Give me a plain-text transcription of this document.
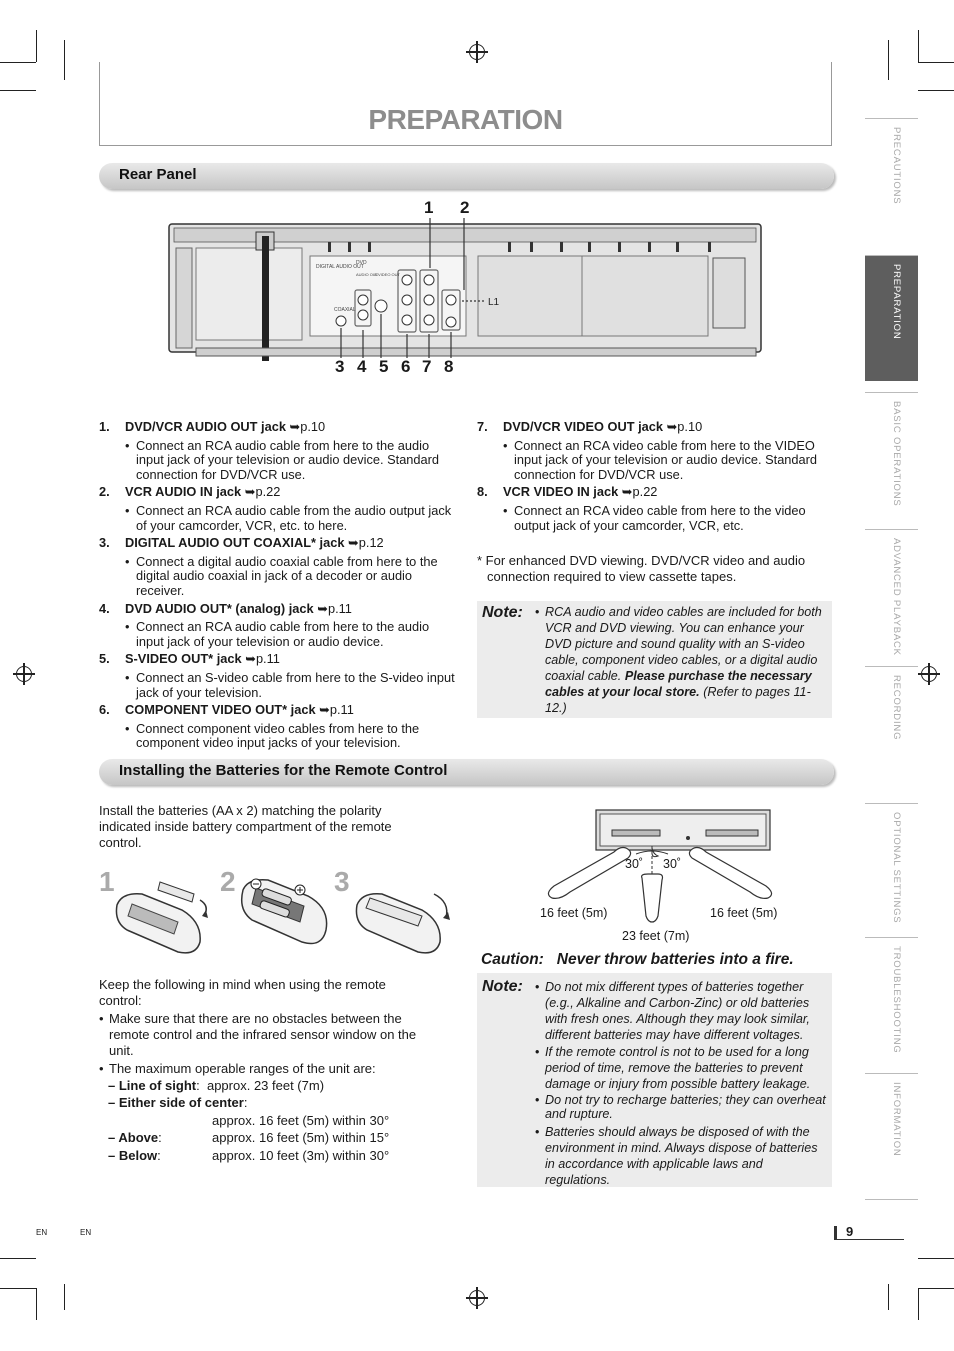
PREPARATION
PRECAUTIONS
PREPARATION
BASIC OPERATIONS
ADVANCED PLAYBACK
RECORDING
OPTIONAL SETTINGS
TROUBLESHOOTING
INFORMATION
Rear Panel
1 2
3 4 5 6 7 8
DIGITAL AUDIO OUT
DVD
COAXIAL
AUDIO OUT
S-VIDEO OUT
L1
1.	DVD/VCR AUDIO OUT jack ➥p.10
• Connect an RCA audio cable from here to the audio input jack of your television or audio device. Standard connection for DVD/VCR use.
2.	VCR AUDIO IN jack ➥p.22
• Connect an RCA audio cable from the audio output jack of your camcorder, VCR, etc. to here.
3.	DIGITAL AUDIO OUT COAXIAL* jack ➥p.12
• Connect a digital audio coaxial cable from here to the digital audio coaxial in jack of a decoder or audio receiver.
4.	DVD AUDIO OUT* (analog) jack ➥p.11
• Connect an RCA audio cable from here to the audio input jack of your television or audio device.
5.	S-VIDEO OUT* jack ➥p.11
• Connect an S-video cable from here to the S-video input jack of your television.
6.	COMPONENT VIDEO OUT* jack ➥p.11
• Connect component video cables from here to the component video input jacks of your television.
7.	DVD/VCR VIDEO OUT jack ➥p.10
• Connect an RCA video cable from here to the VIDEO input jack of your television or audio device. Standard connection for DVD/VCR use.
8.	VCR VIDEO IN jack ➥p.22
• Connect an RCA video cable from here to the video output jack of your camcorder, VCR, etc.
* For enhanced DVD viewing. DVD/VCR video and audio connection required to view cassette tapes.
Note: • RCA audio and video cables are included for both VCR and DVD viewing. You can enhance your DVD picture and sound quality with an S-video cable, component video cables, or a digital audio coaxial cable. Please purchase the necessary cables at your local store. (Refer to pages 11-12.)
Installing the Batteries for the Remote Control
Install the batteries (AA x 2) matching the polarity indicated inside battery compartment of the remote control.
1	2	3
Keep the following in mind when using the remote control:
• Make sure that there are no obstacles between the remote control and the infrared sensor window on the unit.
• The maximum operable ranges of the unit are:
– Line of sight:  approx. 23 feet (7m)
– Either side of center:
approx. 16 feet (5m) within 30°
– Above:	approx. 16 feet (5m) within 15°
– Below:	approx. 10 feet (3m) within 30°
30˚ 30˚
16 feet (5m)	16 feet (5m)
23 feet (7m)
Caution:   Never throw batteries into a fire.
Note: • Do not mix different types of batteries together (e.g., Alkaline and Carbon-Zinc) or old batteries with fresh ones. Although they may look similar, different batteries may have different voltages.
• If the remote control is not to be used for a long period of time, remove the batteries to prevent damage or injury from possible battery leakage.
• Do not try to recharge batteries; they can overheat and rupture.
• Batteries should always be disposed of with the environment in mind. Always dispose of batteries in accordance with applicable laws and regulations.
9
EN	EN
